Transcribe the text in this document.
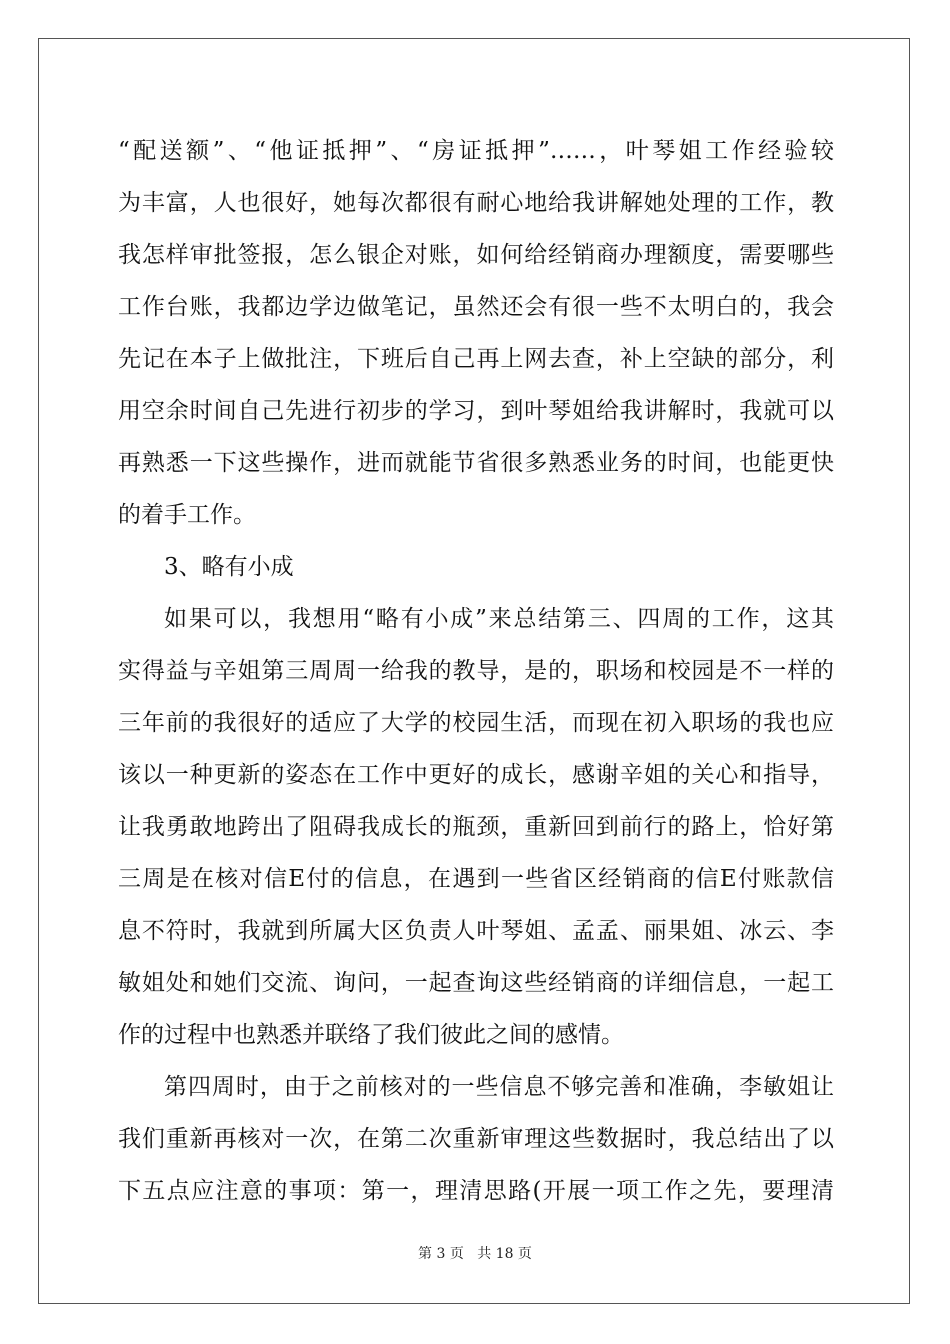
“配送额”、“他证抵押”、“房证抵押”……，叶琴姐工作经验较
为丰富，人也很好，她每次都很有耐心地给我讲解她处理的工作，教
我怎样审批签报，怎么银企对账，如何给经销商办理额度，需要哪些
工作台账，我都边学边做笔记，虽然还会有很一些不太明白的，我会
先记在本子上做批注，下班后自己再上网去查，补上空缺的部分，利
用空余时间自己先进行初步的学习，到叶琴姐给我讲解时，我就可以
再熟悉一下这些操作，进而就能节省很多熟悉业务的时间，也能更快
的着手工作。
3、略有小成
如果可以，我想用“略有小成”来总结第三、四周的工作，这其
实得益与辛姐第三周周一给我的教导，是的，职场和校园是不一样的
三年前的我很好的适应了大学的校园生活，而现在初入职场的我也应
该以一种更新的姿态在工作中更好的成长，感谢辛姐的关心和指导，
让我勇敢地跨出了阻碍我成长的瓶颈，重新回到前行的路上，恰好第
三周是在核对信E付的信息，在遇到一些省区经销商的信E付账款信
息不符时，我就到所属大区负责人叶琴姐、孟孟、丽果姐、冰云、李
敏姐处和她们交流、询问，一起查询这些经销商的详细信息，一起工
作的过程中也熟悉并联络了我们彼此之间的感情。
第四周时，由于之前核对的一些信息不够完善和准确，李敏姐让
我们重新再核对一次，在第二次重新审理这些数据时，我总结出了以
下五点应注意的事项：第一，理清思路(开展一项工作之先，要理清
第 3 页 共 18 页
